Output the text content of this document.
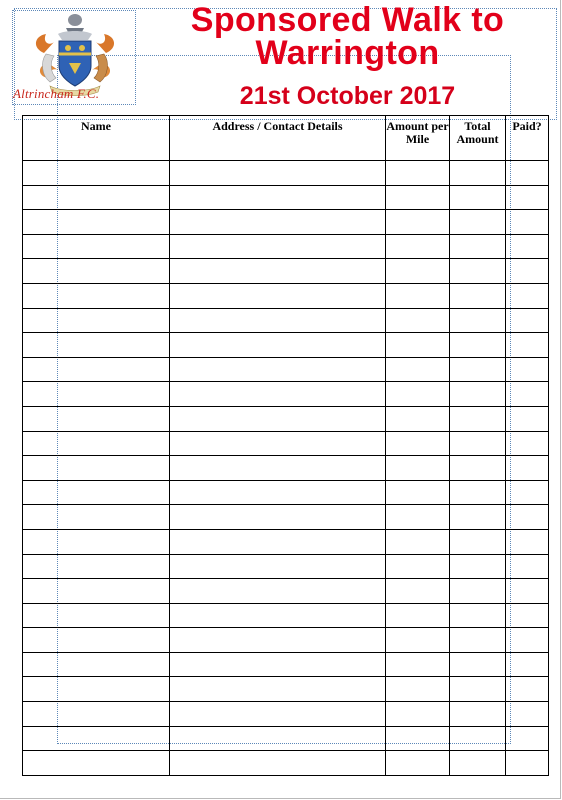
Altrincham F.C.
Sponsored Walk to Warrington
21st October 2017
Name	Address / Contact Details	Amount per Mile	Total Amount	Paid?
